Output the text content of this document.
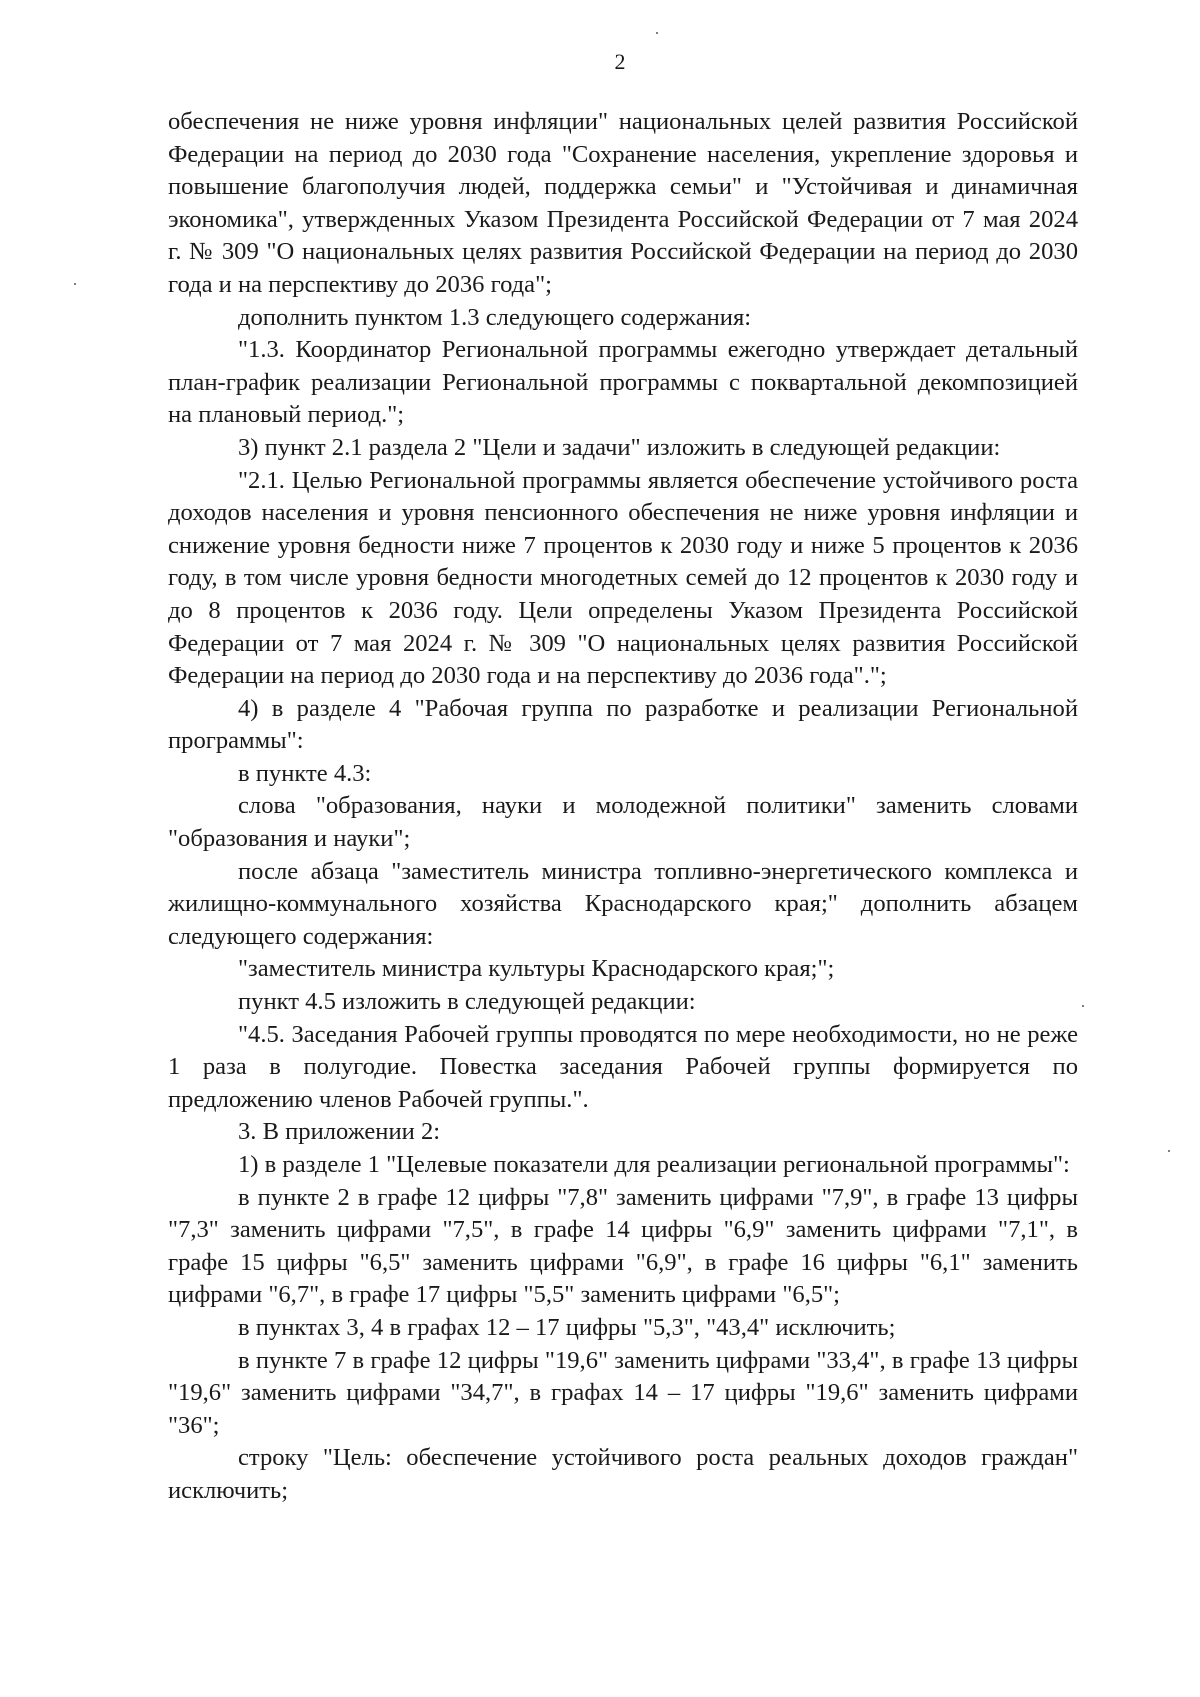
2

обеспечения не ниже уровня инфляции" национальных целей развития Российской Федерации на период до 2030 года "Сохранение населения, укрепление здоровья и повышение благополучия людей, поддержка семьи" и "Устойчивая и динамичная экономика", утвержденных Указом Президента Российской Федерации от 7 мая 2024 г. № 309 "О национальных целях развития Российской Федерации на период до 2030 года и на перспективу до 2036 года";

дополнить пунктом 1.3 следующего содержания:

"1.3. Координатор Региональной программы ежегодно утверждает детальный план-график реализации Региональной программы с поквартальной декомпозицией на плановый период.";

3) пункт 2.1 раздела 2 "Цели и задачи" изложить в следующей редакции:

"2.1. Целью Региональной программы является обеспечение устойчивого роста доходов населения и уровня пенсионного обеспечения не ниже уровня инфляции и снижение уровня бедности ниже 7 процентов к 2030 году и ниже 5 процентов к 2036 году, в том числе уровня бедности многодетных семей до 12 процентов к 2030 году и до 8 процентов к 2036 году. Цели определены Указом Президента Российской Федерации от 7 мая 2024 г. № 309 "О национальных целях развития Российской Федерации на период до 2030 года и на перспективу до 2036 года".";

4) в разделе 4 "Рабочая группа по разработке и реализации Региональной программы":

в пункте 4.3:

слова "образования, науки и молодежной политики" заменить словами "образования и науки";

после абзаца "заместитель министра топливно-энергетического комплекса и жилищно-коммунального хозяйства Краснодарского края;" дополнить абзацем следующего содержания:

"заместитель министра культуры Краснодарского края;";

пункт 4.5 изложить в следующей редакции:

"4.5. Заседания Рабочей группы проводятся по мере необходимости, но не реже 1 раза в полугодие. Повестка заседания Рабочей группы формируется по предложению членов Рабочей группы.".

3. В приложении 2:

1) в разделе 1 "Целевые показатели для реализации региональной программы":

в пункте 2 в графе 12 цифры "7,8" заменить цифрами "7,9", в графе 13 цифры "7,3" заменить цифрами "7,5", в графе 14 цифры "6,9" заменить цифрами "7,1", в графе 15 цифры "6,5" заменить цифрами "6,9", в графе 16 цифры "6,1" заменить цифрами "6,7", в графе 17 цифры "5,5" заменить цифрами "6,5";

в пунктах 3, 4 в графах 12 – 17 цифры "5,3", "43,4" исключить;

в пункте 7 в графе 12 цифры "19,6" заменить цифрами "33,4", в графе 13 цифры "19,6" заменить цифрами "34,7", в графах 14 – 17 цифры "19,6" заменить цифрами "36";

строку "Цель: обеспечение устойчивого роста реальных доходов граждан" исключить;
